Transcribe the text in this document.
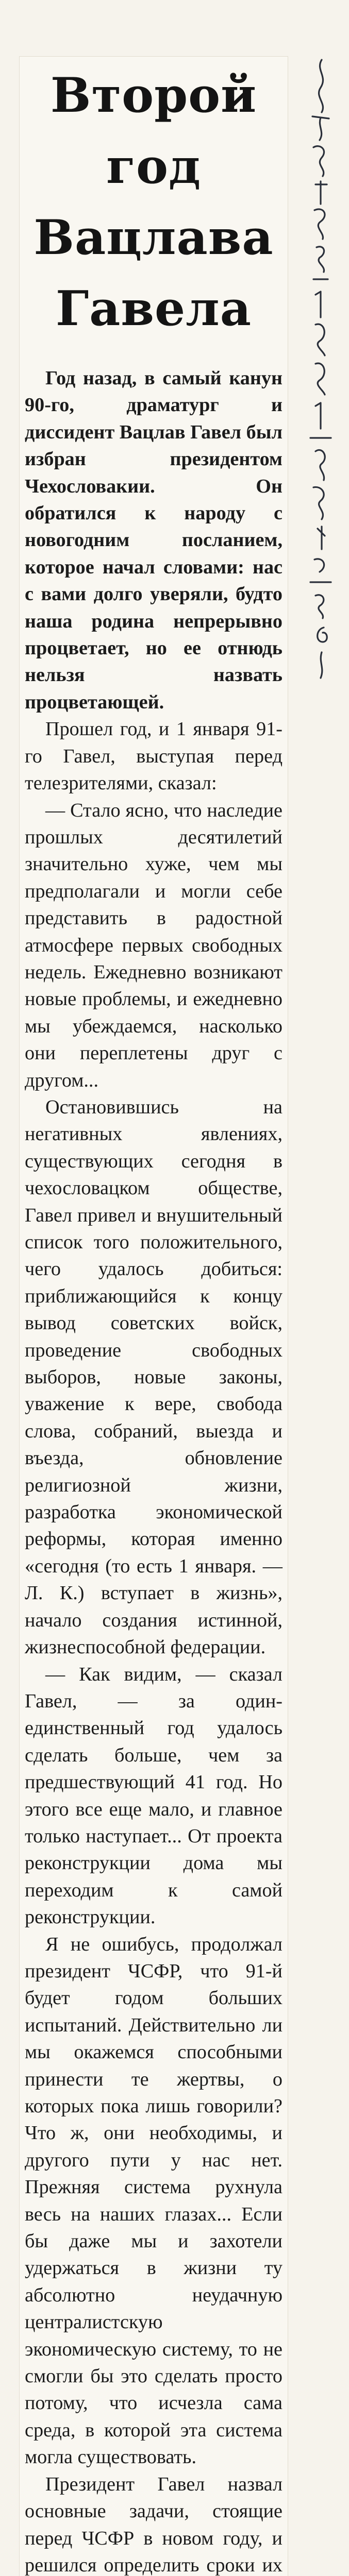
Второй год
Вацлава
Гавела

Год назад, в самый канун 90-го, драматург и диссидент Вацлав Гавел был избран президентом Чехословакии. Он обратился к народу с новогодним посланием, которое начал словами: нас с вами долго уверяли, будто наша родина непрерывно процветает, но ее отнюдь нельзя назвать процветающей.

Прошел год, и 1 января 91-го Гавел, выступая перед телезрителями, сказал:

— Стало ясно, что наследие прошлых десятилетий значительно хуже, чем мы предполагали и могли себе представить в радостной атмосфере первых свободных недель. Ежедневно возникают новые проблемы, и ежедневно мы убеждаемся, насколько они переплетены друг с другом...

Остановившись на негативных явлениях, существующих сегодня в чехословацком обществе, Гавел привел и внушительный список того положительного, чего удалось добиться: приближающийся к концу вывод советских войск, проведение свободных выборов, новые законы, уважение к вере, свобода слова, собраний, выезда и въезда, обновление религиозной жизни, разработка экономической реформы, которая именно «сегодня (то есть 1 января. — Л. К.) вступает в жизнь», начало создания истинной, жизнеспособной федерации.

— Как видим, — сказал Гавел, — за один-единственный год удалось сделать больше, чем за предшествующий 41 год. Но этого все еще мало, и главное только наступает... От проекта реконструкции дома мы переходим к самой реконструкции.

Я не ошибусь, продолжал президент ЧСФР, что 91-й будет годом больших испытаний. Действительно ли мы окажемся способными принести те жертвы, о которых пока лишь говорили? Что ж, они необходимы, и другого пути у нас нет. Прежняя система рухнула весь на наших глазах... Если бы даже мы и захотели удержаться в жизни ту абсолютно неудачную централистскую экономическую систему, то не смогли бы это сделать просто потому, что исчезла сама среда, в которой эта система могла существовать.

Президент Гавел назвал основные задачи, стоящие перед ЧСФР в новом году, и решился определить сроки их
